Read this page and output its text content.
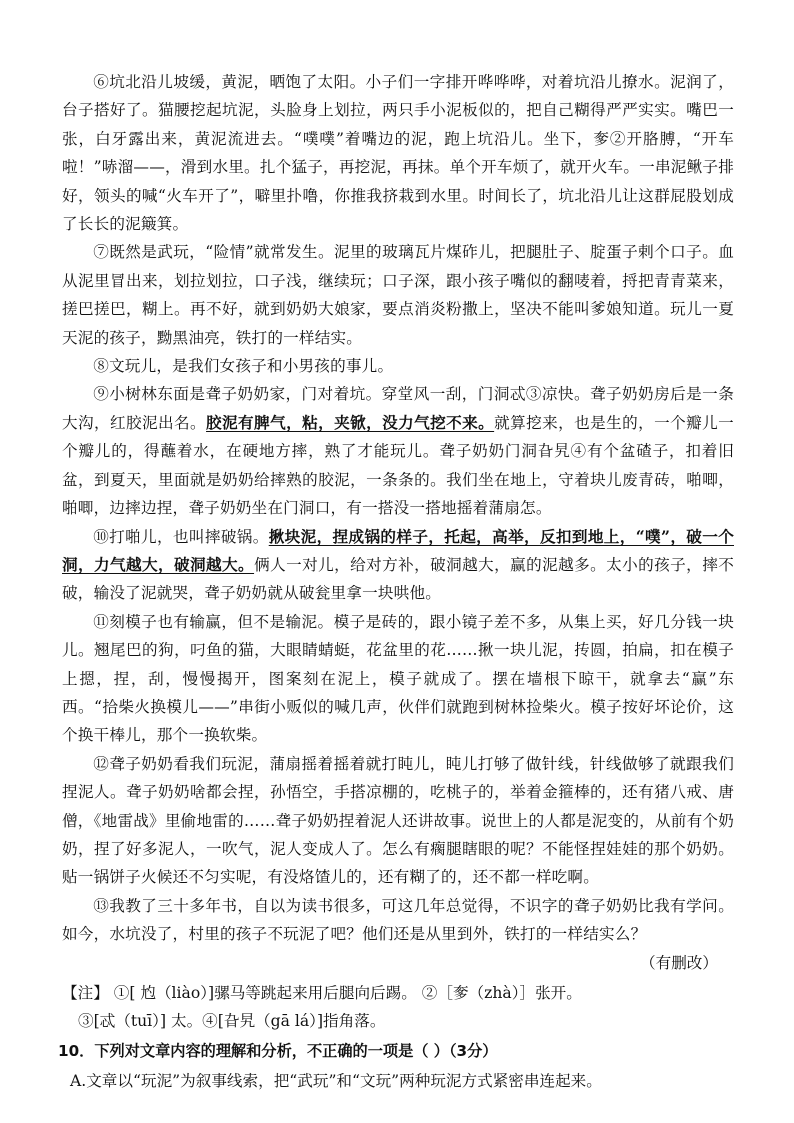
⑥坑北沿儿坡缓，黄泥，晒饱了太阳。小子们一字排开哗哗哗，对着坑沿儿撩水。泥润了，台子搭好了。猫腰挖起坑泥，头脸身上划拉，两只手小泥板似的，把自己糊得严严实实。嘴巴一张，白牙露出来，黄泥流进去。“噗噗”着嘴边的泥，跑上坑沿儿。坐下，奓②开胳膊，“开车啦！”哧溜——，滑到水里。扎个猛子，再挖泥，再抹。单个开车烦了，就开火车。一串泥鳅子排好，领头的喊“火车开了”，噼里扑噜，你推我挤栽到水里。时间长了，坑北沿儿让这群屁股划成了长长的泥簸箕。

⑦既然是武玩，“险情”就常发生。泥里的玻璃瓦片煤砟儿，把腿肚子、腚蛋子剌个口子。血从泥里冒出来，划拉划拉，口子浅，继续玩；口子深，跟小孩子嘴似的翻唛着，捋把青青菜来，搓巴搓巴，糊上。再不好，就到奶奶大娘家，要点消炎粉撒上，坚决不能叫爹娘知道。玩儿一夏天泥的孩子，黝黑油亮，铁打的一样结实。

⑧文玩儿，是我们女孩子和小男孩的事儿。

⑨小树林东面是聋子奶奶家，门对着坑。穿堂风一刮，门洞忒③凉快。聋子奶奶房后是一条大沟，红胶泥出名。胶泥有脾气，粘，夹锨，没力气挖不来。就算挖来，也是生的，一个瓣儿一个瓣儿的，得蘸着水，在硬地方摔，熟了才能玩儿。聋子奶奶门洞旮旯④有个盆碴子，扣着旧盆，到夏天，里面就是奶奶给摔熟的胶泥，一条条的。我们坐在地上，守着块儿废青砖，啪唧，啪唧，边摔边捏，聋子奶奶坐在门洞口，有一搭没一搭地摇着蒲扇怎。

⑩打啪儿，也叫摔破锅。揪块泥，捏成锅的样子，托起，高举，反扣到地上，“噗”，破一个洞，力气越大，破洞越大。俩人一对儿，给对方补，破洞越大，赢的泥越多。太小的孩子，摔不破，输没了泥就哭，聋子奶奶就从破瓮里拿一块哄他。

⑪刻模子也有输赢，但不是输泥。模子是砖的，跟小镜子差不多，从集上买，好几分钱一块儿。翘尾巴的狗，叼鱼的猫，大眼睛蜻蜓，花盆里的花……揪一块儿泥，抟圆，拍扁，扣在模子上摁，捏，刮，慢慢揭开，图案刻在泥上，模子就成了。摆在墙根下晾干，就拿去“赢”东西。“拾柴火换模儿——”串街小贩似的喊几声，伙伴们就跑到树林捡柴火。模子按好坏论价，这个换干棒儿，那个一换软柴。

⑫聋子奶奶看我们玩泥，蒲扇摇着摇着就打盹儿，盹儿打够了做针线，针线做够了就跟我们捏泥人。聋子奶奶啥都会捏，孙悟空，手搭凉棚的，吃桃子的，举着金箍棒的，还有猪八戒、唐僧，《地雷战》里偷地雷的……聋子奶奶捏着泥人还讲故事。说世上的人都是泥变的，从前有个奶奶，捏了好多泥人，一吹气，泥人变成人了。怎么有瘸腿瞎眼的呢？不能怪捏娃娃的那个奶奶。贴一锅饼子火候还不匀实呢，有没烙馇儿的，还有糊了的，还不都一样吃啊。

⑬我教了三十多年书，自以为读书很多，可这几年总觉得，不识字的聋子奶奶比我有学问。如今，水坑没了，村里的孩子不玩泥了吧？他们还是从里到外，铁打的一样结实么？

（有删改）

【注】 ①[ 尥（liào）]骡马等跳起来用后腿向后踢。 ②［奓（zhà）］张开。

③[忒（tuī）] 太。④[旮旯（gā lá）]指角落。

10．下列对文章内容的理解和分析，不正确的一项是（ ）（3分）

A.文章以“玩泥”为叙事线索，把“武玩”和“文玩”两种玩泥方式紧密串连起来。
